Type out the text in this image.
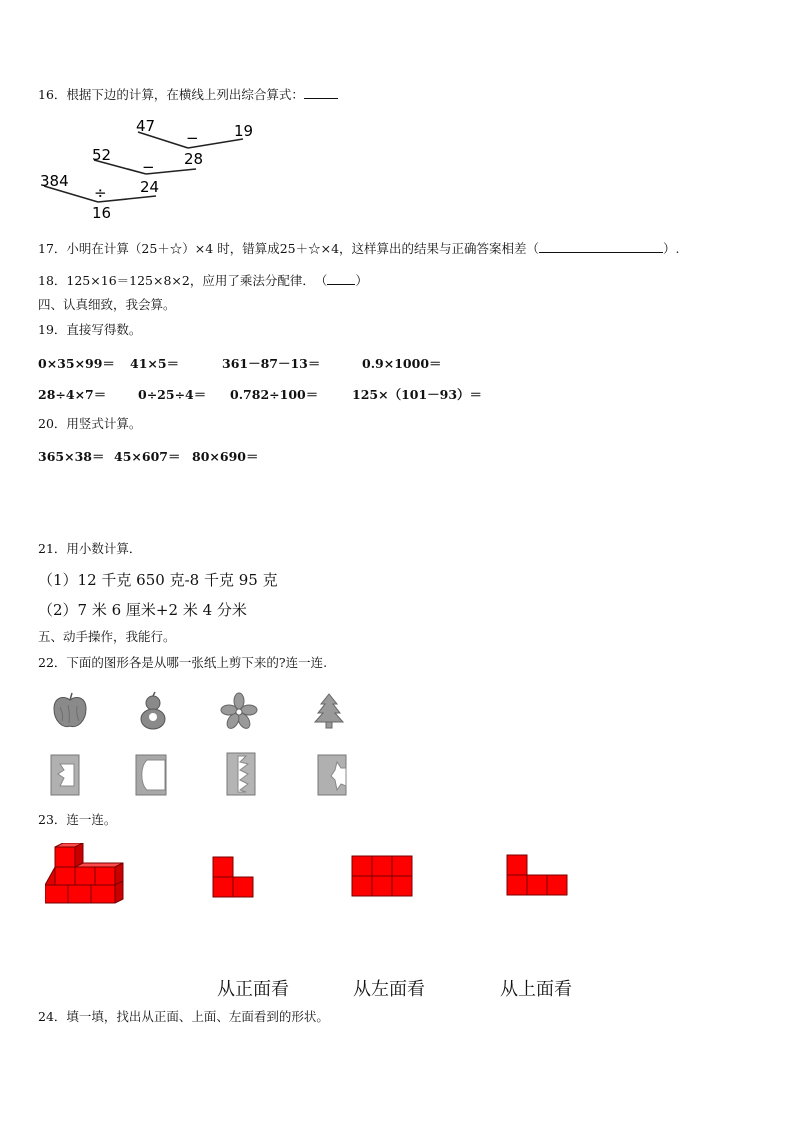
16．根据下边的计算，在横线上列出综合算式：
47
− 19
52	28
−
384
÷ 24
16
17．小明在计算（25＋☆）×4 时，错算成25＋☆×4，这样算出的结果与正确答案相差（	）.
18．125×16＝125×8×2，应用了乘法分配律．　（ ）
四、认真细致，我会算。
19．直接写得数。
0×35×99＝ 41×5＝	361－87－13＝	0.9×1000＝
28÷4×7＝	0÷25÷4＝ 0.782÷100＝	125×（101－93）＝
20．用竖式计算。
365×38＝ 45×607＝ 80×690＝
21．用小数计算．
（1）12 千克 650 克-8 千克 95 克
（2）7 米 6 厘米+2 米 4 分米
五、动手操作，我能行。
22．下面的图形各是从哪一张纸上剪下来的?连一连.
23．连一连。
从正面看	从左面看	从上面看
24．填一填，找出从正面、上面、左面看到的形状。
